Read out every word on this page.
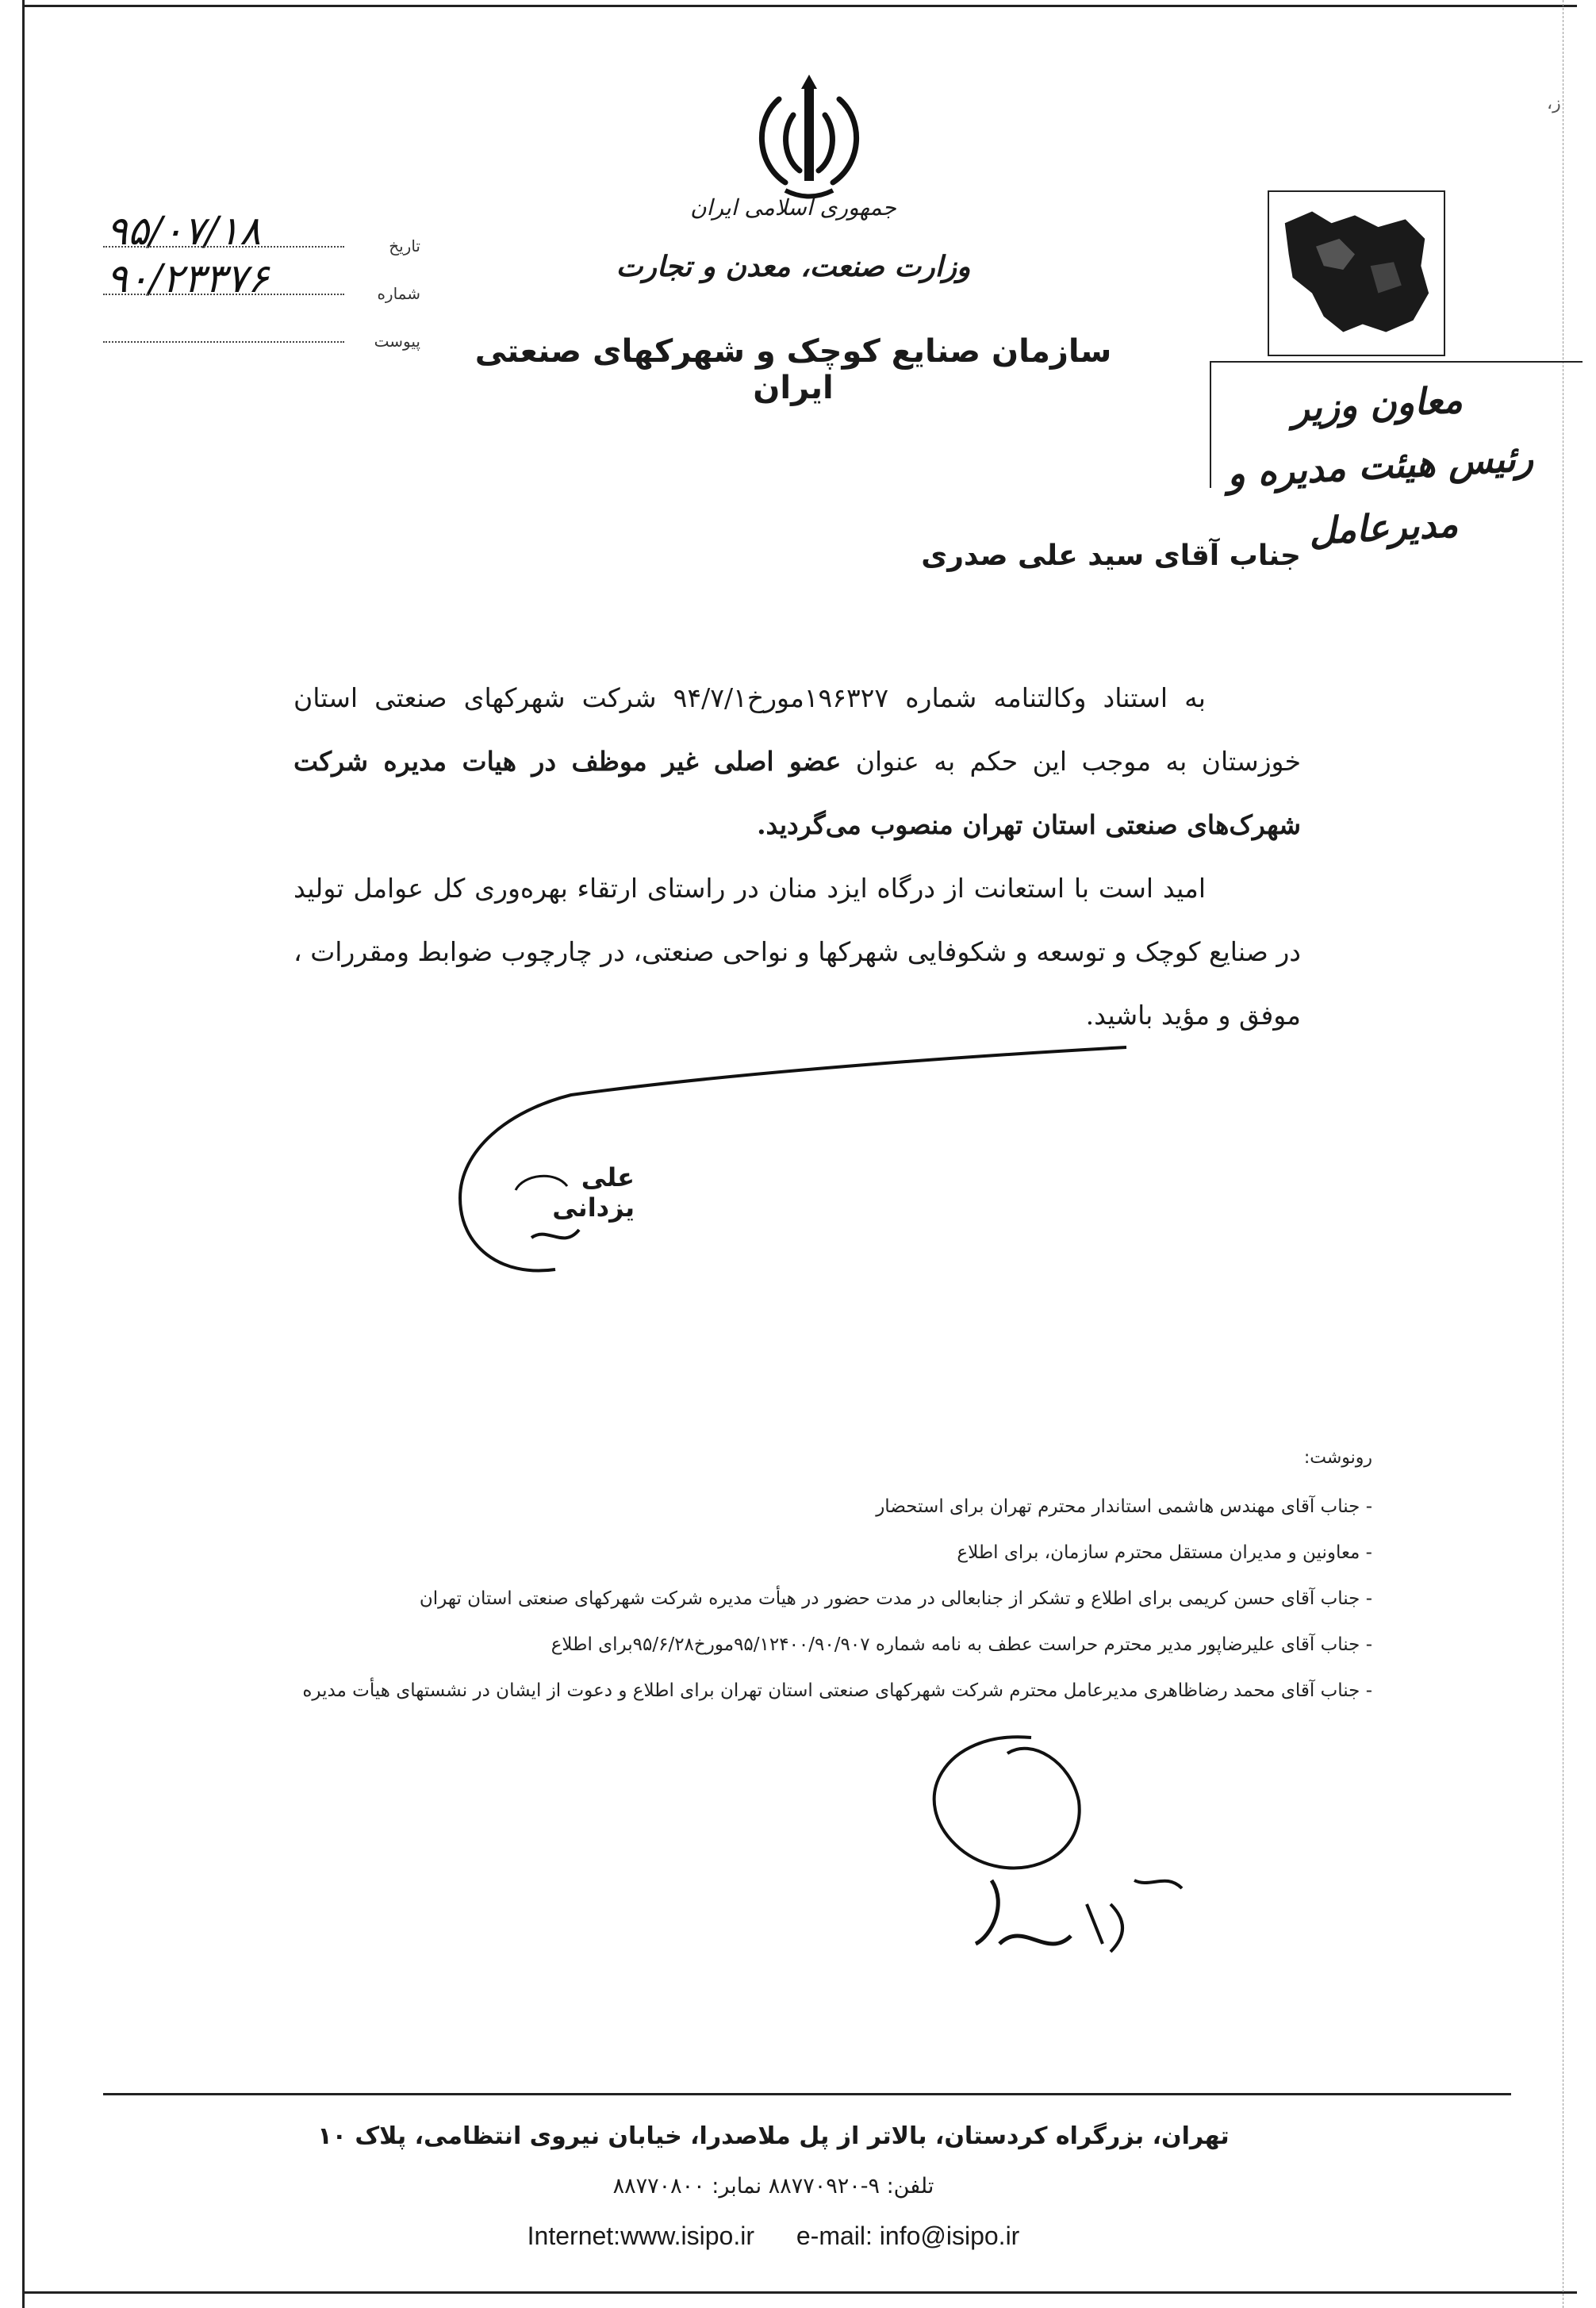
،ز
جمهوری اسلامی ایران
وزارت صنعت، معدن و تجارت
سازمان صنایع کوچک و شهرکهای صنعتی ایران
۹۵/۰۷/۱۸	تاریخ
۹۰/۲۳۳۷۶	شماره
پیوست
معاون وزیر
رئیس هیئت مدیره و مدیرعامل
جناب آقای سید علی صدری

به استناد وکالتنامه شماره ۱۹۶۳۲۷مورخ۹۴/۷/۱ شرکت شهرکهای صنعتی استان خوزستان به موجب این حکم به عنوان عضو اصلی غیر موظف در هیات مدیره شرکت شهرک‌های صنعتی استان تهران منصوب می‌گردید.

امید است با استعانت از درگاه ایزد منان در راستای ارتقاء بهره‌وری کل عوامل تولید در صنایع کوچک و توسعه و شکوفایی شهرکها و نواحی صنعتی، در چارچوب ضوابط ومقررات ، موفق و مؤید باشید.

علی یزدانی
رونوشت:
- جناب آقای مهندس هاشمی استاندار محترم تهران برای استحضار
- معاونین و مدیران مستقل محترم سازمان، برای اطلاع
- جناب آقای حسن کریمی برای اطلاع و تشکر از جنابعالی در مدت حضور در هیأت مدیره شرکت شهرکهای صنعتی استان تهران
- جناب آقای علیرضاپور مدیر محترم حراست عطف به نامه شماره ۹۵/۱۲۴۰۰/۹۰/۹۰۷مورخ۹۵/۶/۲۸برای اطلاع
- جناب آقای محمد رضاظاهری مدیرعامل محترم شرکت شهرکهای صنعتی استان تهران برای اطلاع و دعوت از ایشان در نشستهای هیأت مدیره
تهران، بزرگراه کردستان، بالاتر از پل ملاصدرا، خیابان نیروی انتظامی، پلاک ۱۰
تلفن: ۹-۸۸۷۷۰۹۲۰ نمابر: ۸۸۷۷۰۸۰۰
Internet:www.isipo.ir e-mail: info@isipo.ir
